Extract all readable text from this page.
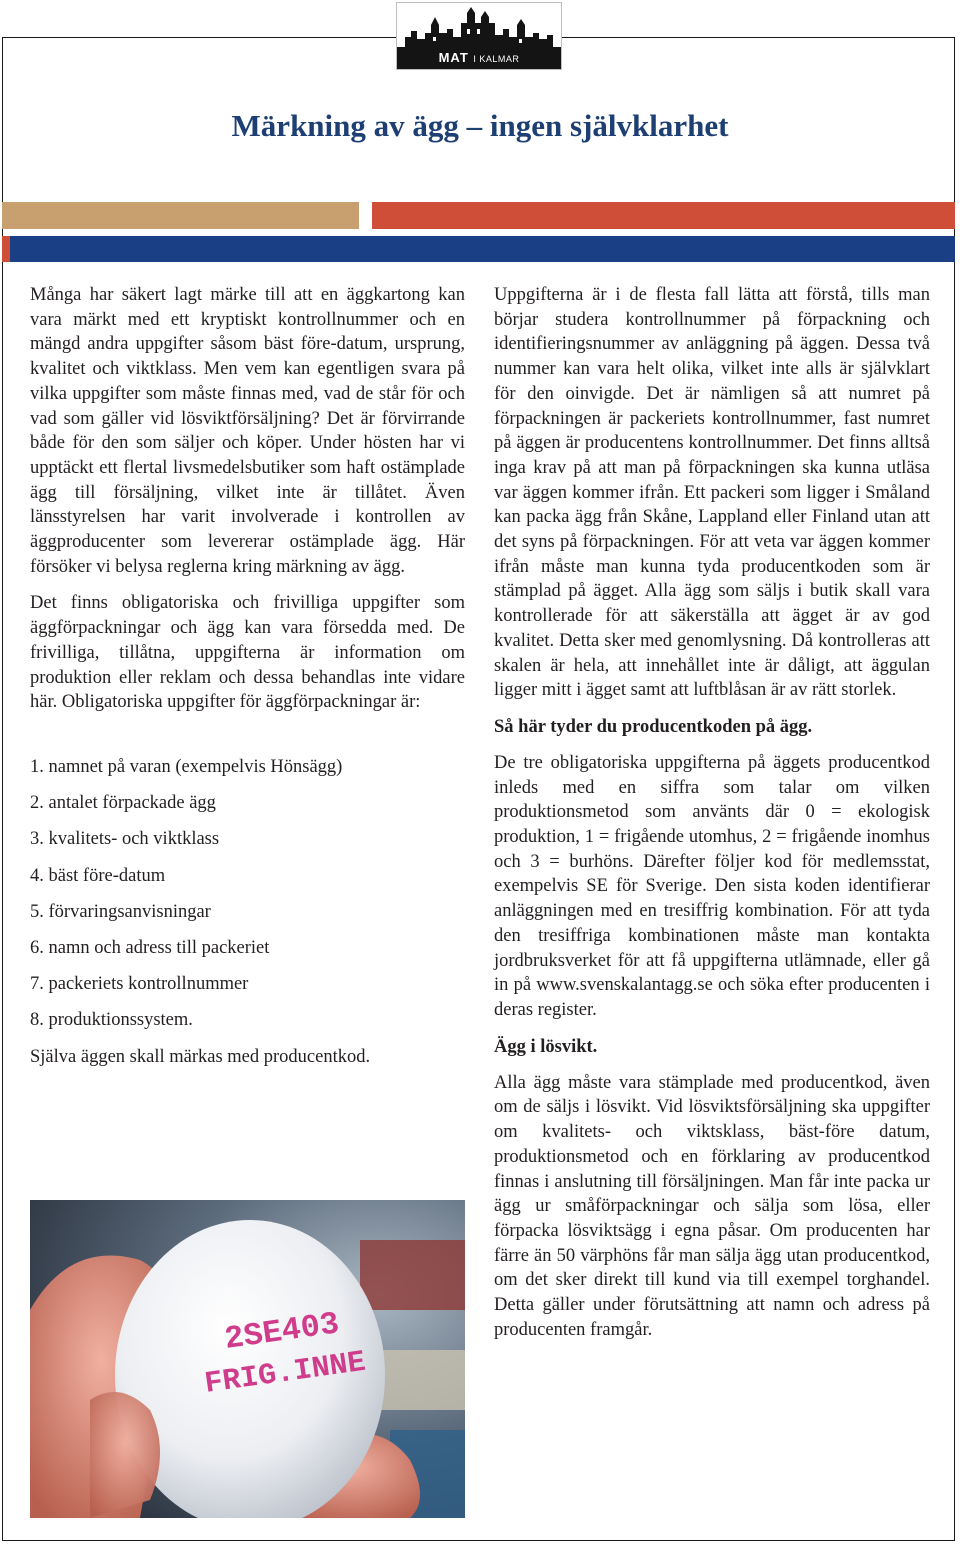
MAT I KALMAR
Märkning av ägg – ingen självklarhet

Många har säkert lagt märke till att en äggkartong kan vara märkt med ett kryptiskt kontrollnummer och en mängd andra uppgifter såsom bäst före-datum, ursprung, kvalitet och viktklass. Men vem kan egentligen svara på vilka uppgifter som måste finnas med, vad de står för och vad som gäller vid lösviktförsäljning? Det är förvirrande både för den som säljer och köper. Under hösten har vi upptäckt ett flertal livsmedelsbutiker som haft ostämplade ägg till försäljning, vilket inte är tillåtet. Även länsstyrelsen har varit involverade i kontrollen av äggproducenter som levererar ostämplade ägg. Här försöker vi belysa reglerna kring märkning av ägg.

Det finns obligatoriska och frivilliga uppgifter som äggförpackningar och ägg kan vara försedda med. De frivilliga, tillåtna, uppgifterna är information om produktion eller reklam och dessa behandlas inte vidare här. Obligatoriska uppgifter för äggförpackningar är:

1. namnet på varan (exempelvis Hönsägg)
2. antalet förpackade ägg
3. kvalitets- och viktklass
4. bäst före-datum
5. förvaringsanvisningar
6. namn och adress till packeriet
7. packeriets kontrollnummer
8. produktionssystem.

Själva äggen skall märkas med producentkod.

2SE403
FRIG.INNE

Uppgifterna är i de flesta fall lätta att förstå, tills man börjar studera kontrollnummer på förpackning och identifieringsnummer av anläggning på äggen. Dessa två nummer kan vara helt olika, vilket inte alls är självklart för den oinvigde. Det är nämligen så att numret på förpackningen är packeriets kontrollnummer, fast numret på äggen är producentens kontrollnummer. Det finns alltså inga krav på att man på förpackningen ska kunna utläsa var äggen kommer ifrån. Ett packeri som ligger i Småland kan packa ägg från Skåne, Lappland eller Finland utan att det syns på förpackningen. För att veta var äggen kommer ifrån måste man kunna tyda producentkoden som är stämplad på ägget. Alla ägg som säljs i butik skall vara kontrollerade för att säkerställa att ägget är av god kvalitet. Detta sker med genomlysning. Då kontrolleras att skalen är hela, att innehållet inte är dåligt, att äggulan ligger mitt i ägget samt att luftblåsan är av rätt storlek.

Så här tyder du producentkoden på ägg.

De tre obligatoriska uppgifterna på äggets producentkod inleds med en siffra som talar om vilken produktionsmetod som använts där 0 = ekologisk produktion, 1 = frigående utomhus, 2 = frigående inomhus och 3 = burhöns. Därefter följer kod för medlemsstat, exempelvis SE för Sverige. Den sista koden identifierar anläggningen med en tresiffrig kombination. För att tyda den tresiffriga kombinationen måste man kontakta jordbruksverket för att få uppgifterna utlämnade, eller gå in på www.svenskalantagg.se och söka efter producenten i deras register.

Ägg i lösvikt.

Alla ägg måste vara stämplade med producentkod, även om de säljs i lösvikt. Vid lösviktsförsäljning ska uppgifter om kvalitets- och viktsklass, bäst-före datum, produktionsmetod och en förklaring av producentkod finnas i anslutning till försäljningen. Man får inte packa ur ägg ur småförpackningar och sälja som lösa, eller förpacka lösviktsägg i egna påsar. Om producenten har färre än 50 värphöns får man sälja ägg utan producentkod, om det sker direkt till kund via till exempel torghandel. Detta gäller under förutsättning att namn och adress på producenten framgår.
